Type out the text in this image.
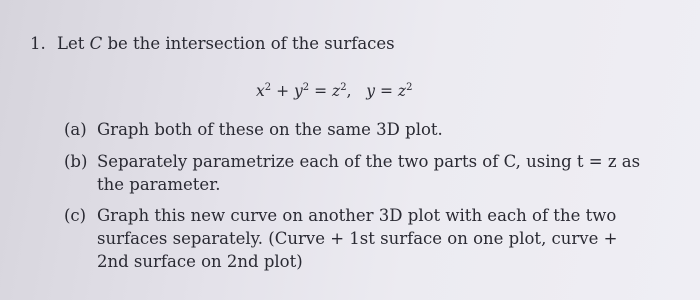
1. Let C be the intersection of the surfaces
$x^2 + y^2 = z^2$, $y = z^2$
(a) Graph both of these on the same 3D plot.
(b) Separately parametrize each of the two parts of C, using t = z as
the parameter.
(c) Graph this new curve on another 3D plot with each of the two
surfaces separately. (Curve + 1st surface on one plot, curve +
2nd surface on 2nd plot)
